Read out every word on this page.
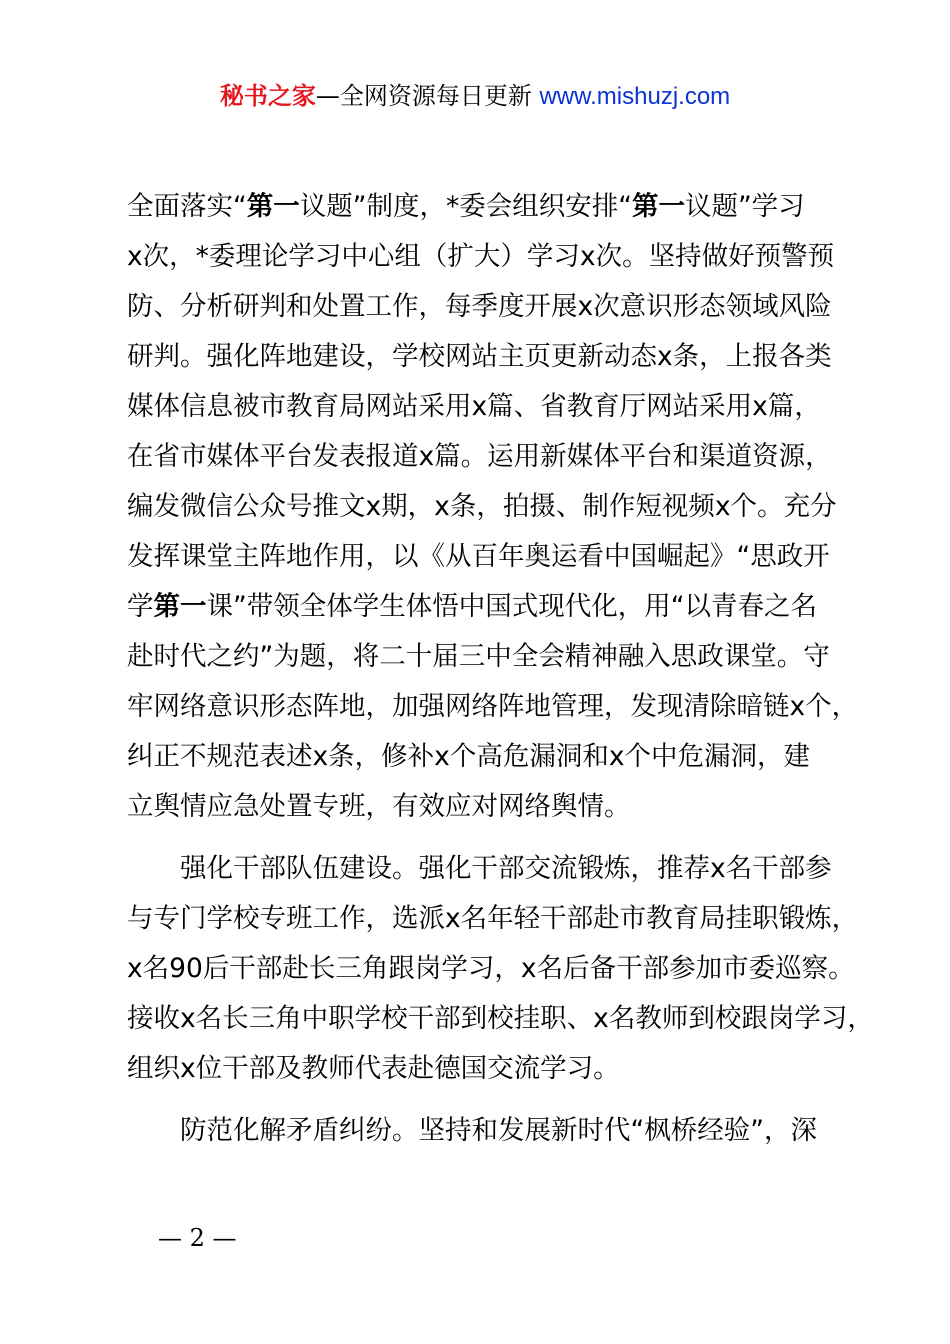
秘书之家—全网资源每日更新 www.mishuzj.com
全面落实“第一议题”制度，*委会组织安排“第一议题”学习
x次，*委理论学习中心组（扩大）学习x次。坚持做好预警预
防、分析研判和处置工作，每季度开展x次意识形态领域风险
研判。强化阵地建设，学校网站主页更新动态x条，上报各类
媒体信息被市教育局网站采用x篇、省教育厅网站采用x篇，
在省市媒体平台发表报道x篇。运用新媒体平台和渠道资源，
编发微信公众号推文x期，x条，拍摄、制作短视频x个。充分
发挥课堂主阵地作用，以《从百年奥运看中国崛起》“思政开
学第一课”带领全体学生体悟中国式现代化，用“以青春之名
赴时代之约”为题，将二十届三中全会精神融入思政课堂。守
牢网络意识形态阵地，加强网络阵地管理，发现清除暗链x个，
纠正不规范表述x条，修补x个高危漏洞和x个中危漏洞，建
立舆情应急处置专班，有效应对网络舆情。
强化干部队伍建设。强化干部交流锻炼，推荐x名干部参
与专门学校专班工作，选派x名年轻干部赴市教育局挂职锻炼，
x名90后干部赴长三角跟岗学习，x名后备干部参加市委巡察。
接收x名长三角中职学校干部到校挂职、x名教师到校跟岗学习，
组织x位干部及教师代表赴德国交流学习。
防范化解矛盾纠纷。坚持和发展新时代“枫桥经验”，深
— 2 —
